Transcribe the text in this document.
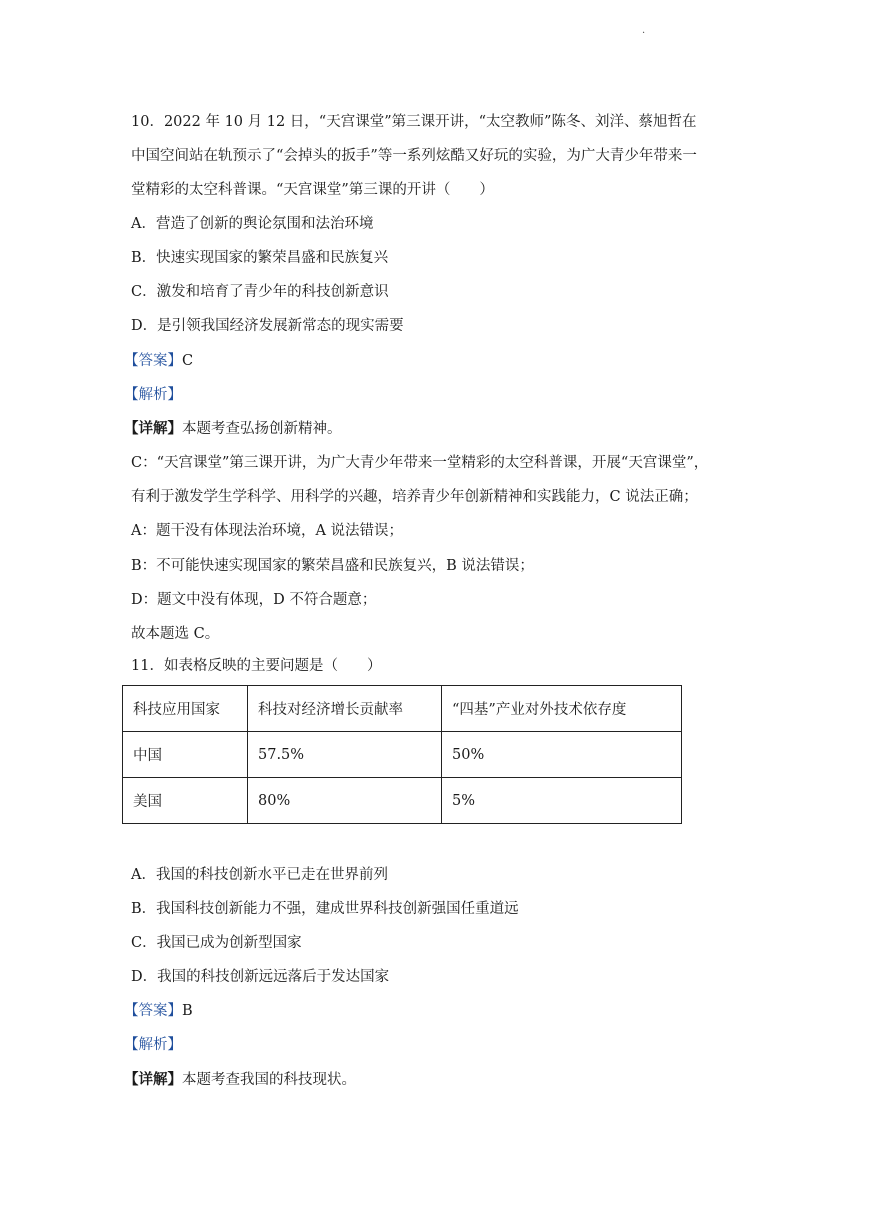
·
10．2022 年 10 月 12 日，“天宫课堂”第三课开讲，“太空教师”陈冬、刘洋、蔡旭哲在
中国空间站在轨预示了“会掉头的扳手”等一系列炫酷又好玩的实验，为广大青少年带来一
堂精彩的太空科普课。“天宫课堂”第三课的开讲（　　）
A．营造了创新的舆论氛围和法治环境
B．快速实现国家的繁荣昌盛和民族复兴
C．激发和培育了青少年的科技创新意识
D．是引领我国经济发展新常态的现实需要
【答案】C
【解析】
【详解】本题考查弘扬创新精神。
C：“天宫课堂”第三课开讲，为广大青少年带来一堂精彩的太空科普课，开展“天宫课堂”，
有利于激发学生学科学、用科学的兴趣，培养青少年创新精神和实践能力，C 说法正确；
A：题干没有体现法治环境，A 说法错误；
B：不可能快速实现国家的繁荣昌盛和民族复兴，B 说法错误；
D：题文中没有体现，D 不符合题意；
故本题选 C。
11．如表格反映的主要问题是（　　）
科技应用国家	科技对经济增长贡献率	“四基”产业对外技术依存度
中国	57.5%	50%
美国	80%	5%
A．我国的科技创新水平已走在世界前列
B．我国科技创新能力不强，建成世界科技创新强国任重道远
C．我国已成为创新型国家
D．我国的科技创新远远落后于发达国家
【答案】B
【解析】
【详解】本题考查我国的科技现状。
